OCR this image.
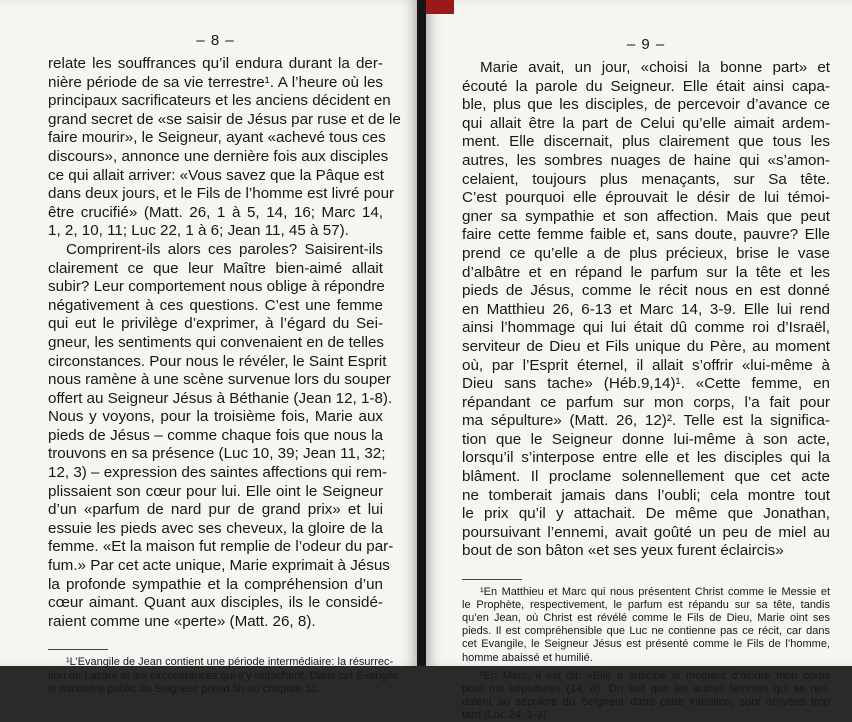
– 8 –
relate les souffrances qu’il endura durant la der-
nière période de sa vie terrestre¹. A l’heure où les
principaux sacrificateurs et les anciens décident en
grand secret de «se saisir de Jésus par ruse et de le
faire mourir», le Seigneur, ayant «achevé tous ces
discours», annonce une dernière fois aux disciples
ce qui allait arriver: «Vous savez que la Pâque est
dans deux jours, et le Fils de l’homme est livré pour
être crucifié» (Matt. 26, 1 à 5, 14, 16; Marc 14,
1, 2, 10, 11; Luc 22, 1 à 6; Jean 11, 45 à 57).
Comprirent-ils alors ces paroles? Saisirent-ils
clairement ce que leur Maître bien-aimé allait
subir? Leur comportement nous oblige à répondre
négativement à ces questions. C’est une femme
qui eut le privilège d’exprimer, à l’égard du Sei-
gneur, les sentiments qui convenaient en de telles
circonstances. Pour nous le révéler, le Saint Esprit
nous ramène à une scène survenue lors du souper
offert au Seigneur Jésus à Béthanie (Jean 12, 1-8).
Nous y voyons, pour la troisième fois, Marie aux
pieds de Jésus – comme chaque fois que nous la
trouvons en sa présence (Luc 10, 39; Jean 11, 32;
12, 3) – expression des saintes affections qui rem-
plissaient son cœur pour lui. Elle oint le Seigneur
d’un «parfum de nard pur de grand prix» et lui
essuie les pieds avec ses cheveux, la gloire de la
femme. «Et la maison fut remplie de l’odeur du par-
fum.» Par cet acte unique, Marie exprimait à Jésus
la profonde sympathie et la compréhension d’un
cœur aimant. Quant aux disciples, ils le considé-
raient comme une «perte» (Matt. 26, 8).
¹L’Evangile de Jean contient une période intermédiaire: la résurrec-
tion de Lazare et les circonstances qui s’y rattachent. Dans cet Evangile,
le ministère public du Seigneur prend fin au chapitre 10.
– 9 –
Marie avait, un jour, «choisi la bonne part» et
écouté la parole du Seigneur. Elle était ainsi capa-
ble, plus que les disciples, de percevoir d’avance ce
qui allait être la part de Celui qu’elle aimait ardem-
ment. Elle discernait, plus clairement que tous les
autres, les sombres nuages de haine qui «s’amon-
celaient, toujours plus menaçants, sur Sa tête.
C’est pourquoi elle éprouvait le désir de lui témoi-
gner sa sympathie et son affection. Mais que peut
faire cette femme faible et, sans doute, pauvre? Elle
prend ce qu’elle a de plus précieux, brise le vase
d’albâtre et en répand le parfum sur la tête et les
pieds de Jésus, comme le récit nous en est donné
en Matthieu 26, 6-13 et Marc 14, 3-9. Elle lui rend
ainsi l’hommage qui lui était dû comme roi d’Israël,
serviteur de Dieu et Fils unique du Père, au moment
où, par l’Esprit éternel, il allait s’offrir «lui-même à
Dieu sans tache» (Héb.9,14)¹. «Cette femme, en
répandant ce parfum sur mon corps, l’a fait pour
ma sépulture» (Matt. 26, 12)². Telle est la significa-
tion que le Seigneur donne lui-même à son acte,
lorsqu’il s’interpose entre elle et les disciples qui la
blâment. Il proclame solennellement que cet acte
ne tomberait jamais dans l’oubli; cela montre tout
le prix qu’il y attachait. De même que Jonathan,
poursuivant l’ennemi, avait goûté un peu de miel au
bout de son bâton «et ses yeux furent éclaircis»
¹En Matthieu et Marc qui nous présentent Christ comme le Messie et
le Prophète, respectivement, le parfum est répandu sur sa tête, tandis
qu’en Jean, où Christ est révélé comme le Fils de Dieu, Marie oint ses
pieds. Il est compréhensible que Luc ne contienne pas ce récit, car dans
cet Evangile, le Seigneur Jésus est présenté comme le Fils de l’homme,
homme abaissé et humilié.
²En Marc, il est dit: «Elle a anticipé le moment d’oindre mon corps
pour ma sépulture» (14, 8). On sait que les autres femmes qui se ren-
daient au sépulcre du Seigneur dans cette intention, sont arrivées trop
tard (Luc 24, 1-3).
